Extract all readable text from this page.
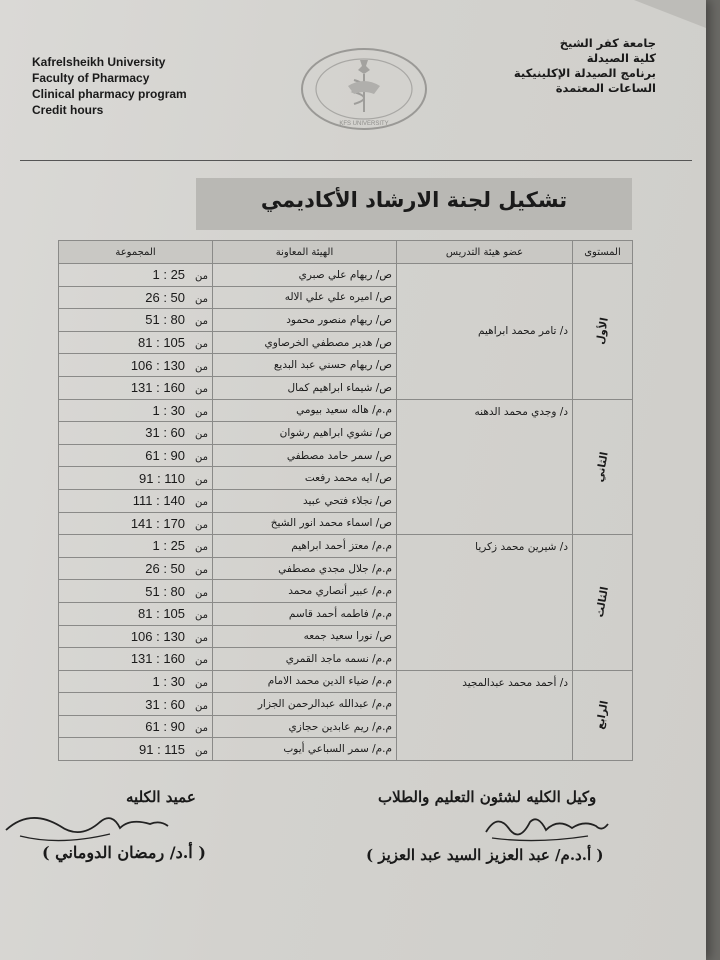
Kafrelsheikh University
Faculty of Pharmacy
Clinical pharmacy program
Credit hours
KFS UNIVERSITY
جامعة كفر الشيخ
كلية الصيدلة
برنامج الصيدلة الإكلينيكية
الساعات المعتمدة
تشكيل لجنة الارشاد الأكاديمي
المستوى	عضو هيئة التدريس	الهيئة المعاونة	المجموعة
الأول	د/ تامر محمد ابراهيم	ص/ ريهام علي صبري	من1 : 25
		ص/ اميره علي علي الاله	من26 : 50
		ص/ ريهام منصور محمود	من51 : 80
		ص/ هدير مصطفي الخرصاوي	من81 : 105
		ص/ ريهام حسني عبد البديع	من106 : 130
		ص/ شيماء ابراهيم كمال	من131 : 160
الثاني	د/ وجدي محمد الدهنه	م.م/ هاله سعيد بيومي	من1 : 30
		ص/ نشوي ابراهيم رشوان	من31 : 60
		ص/ سمر حامد مصطفي	من61 : 90
		ص/ ايه محمد رفعت	من91 : 110
		ص/ نجلاء فتحي عبيد	من111 : 140
		ص/ اسماء محمد انور الشيخ	من141 : 170
الثالث	د/ شيرين محمد زكريا	م.م/ معتز أحمد ابراهيم	من1 : 25
		م.م/ جلال مجدي مصطفي	من26 : 50
		م.م/ عبير أنصاري محمد	من51 : 80
		م.م/ فاطمه أحمد قاسم	من81 : 105
		ص/ نورا سعيد جمعه	من106 : 130
		م.م/ نسمه ماجد القمري	من131 : 160
الرابع	د/ أحمد محمد عبدالمجيد	م.م/ ضياء الدين محمد الامام	من1 : 30
		م.م/ عبدالله عبدالرحمن الجزار	من31 : 60
		م.م/ ريم عابدين حجازي	من61 : 90
		م.م/ سمر السباعي أيوب	من91 : 115
عميد الكليه
( أ.د/ رمضان الدوماني )
وكيل الكليه لشئون التعليم والطلاب
( أ.د.م/ عبد العزيز السيد عبد العزيز )
